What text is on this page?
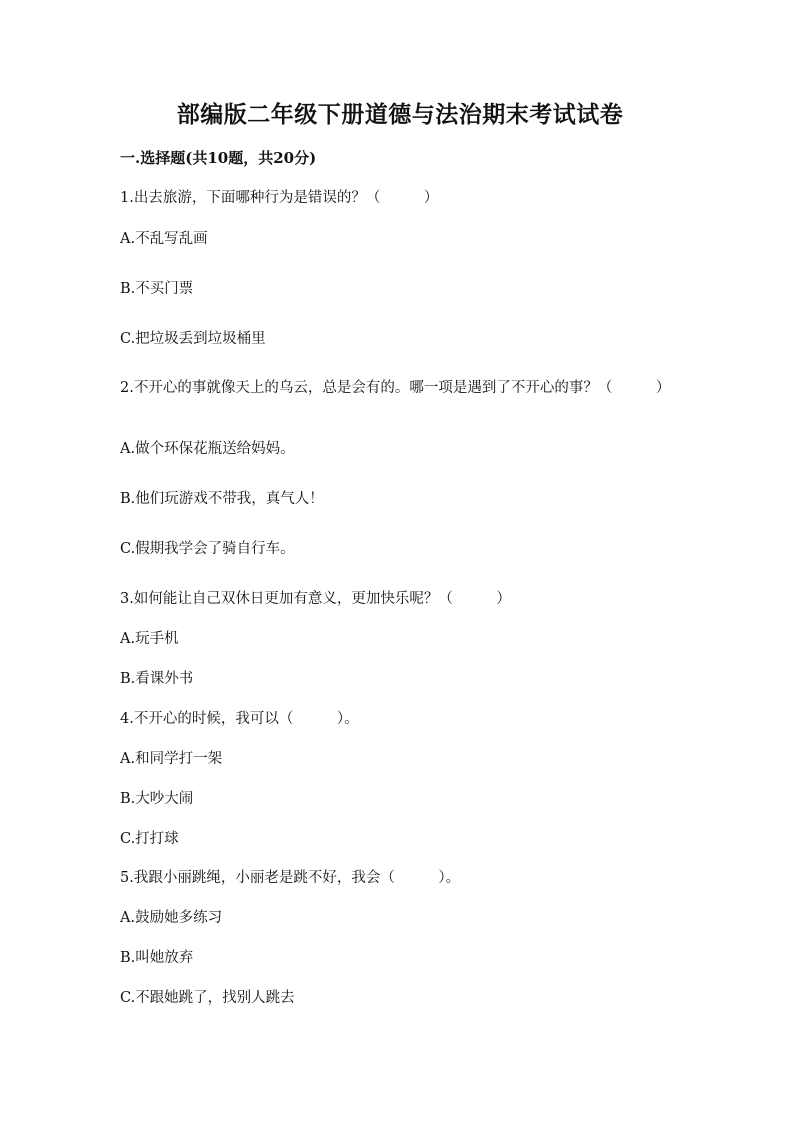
部编版二年级下册道德与法治期末考试试卷
一.选择题(共10题，共20分)
1.出去旅游，下面哪种行为是错误的？（　　　）
A.不乱写乱画
B.不买门票
C.把垃圾丢到垃圾桶里
2.不开心的事就像天上的乌云，总是会有的。哪一项是遇到了不开心的事？（　　　）
A.做个环保花瓶送给妈妈。
B.他们玩游戏不带我，真气人！
C.假期我学会了骑自行车。
3.如何能让自己双休日更加有意义，更加快乐呢？（　　　）
A.玩手机
B.看课外书
4.不开心的时候，我可以（　　　）。
A.和同学打一架
B.大吵大闹
C.打打球
5.我跟小丽跳绳，小丽老是跳不好，我会（　　　）。
A.鼓励她多练习
B.叫她放弃
C.不跟她跳了，找别人跳去
